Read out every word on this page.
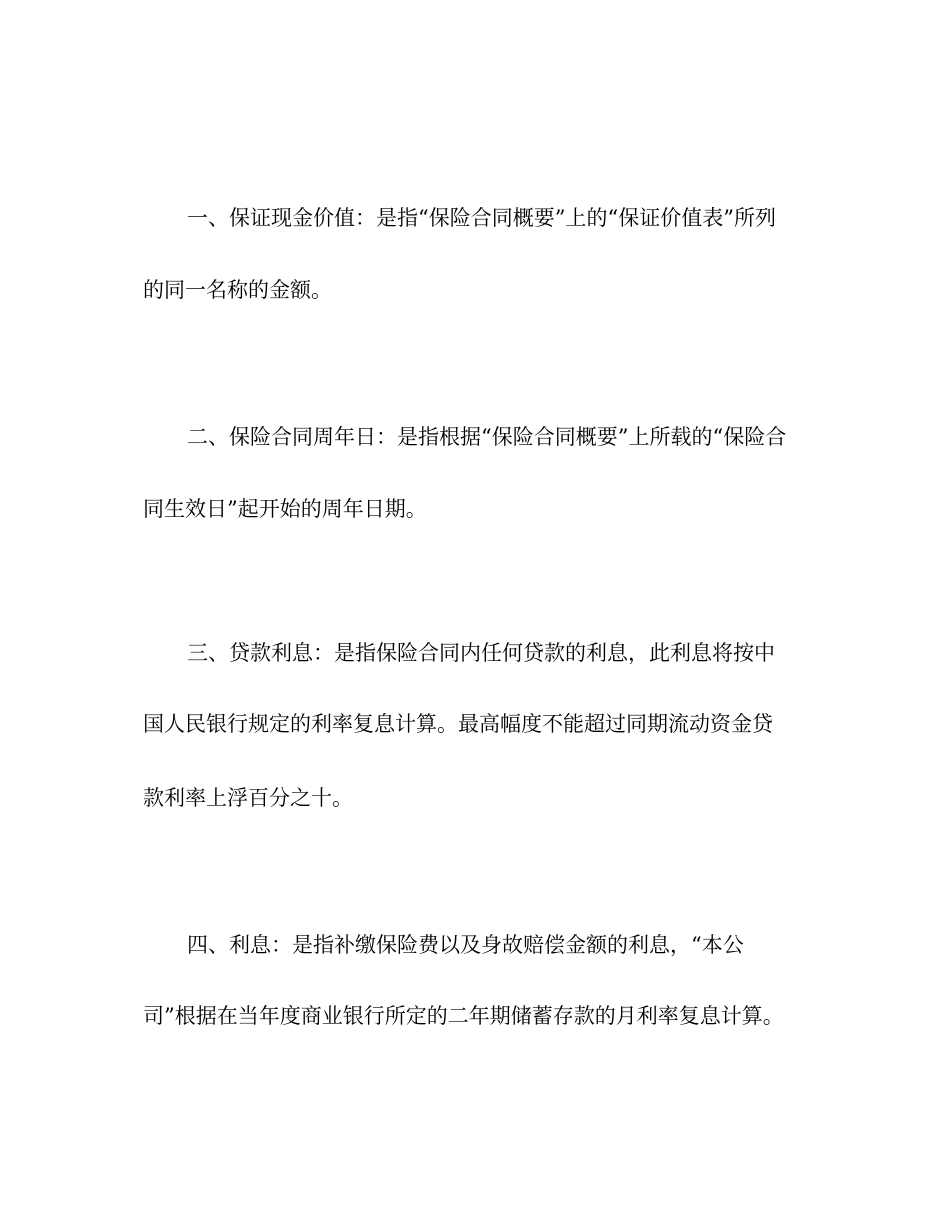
一、保证现金价值：是指“保险合同概要”上的“保证价值表”所列
的同一名称的金额。
二、保险合同周年日：是指根据“保险合同概要”上所载的“保险合
同生效日”起开始的周年日期。
三、贷款利息：是指保险合同内任何贷款的利息，此利息将按中
国人民银行规定的利率复息计算。最高幅度不能超过同期流动资金贷
款利率上浮百分之十。
四、利息：是指补缴保险费以及身故赔偿金额的利息，“本公
司”根据在当年度商业银行所定的二年期储蓄存款的月利率复息计算。
